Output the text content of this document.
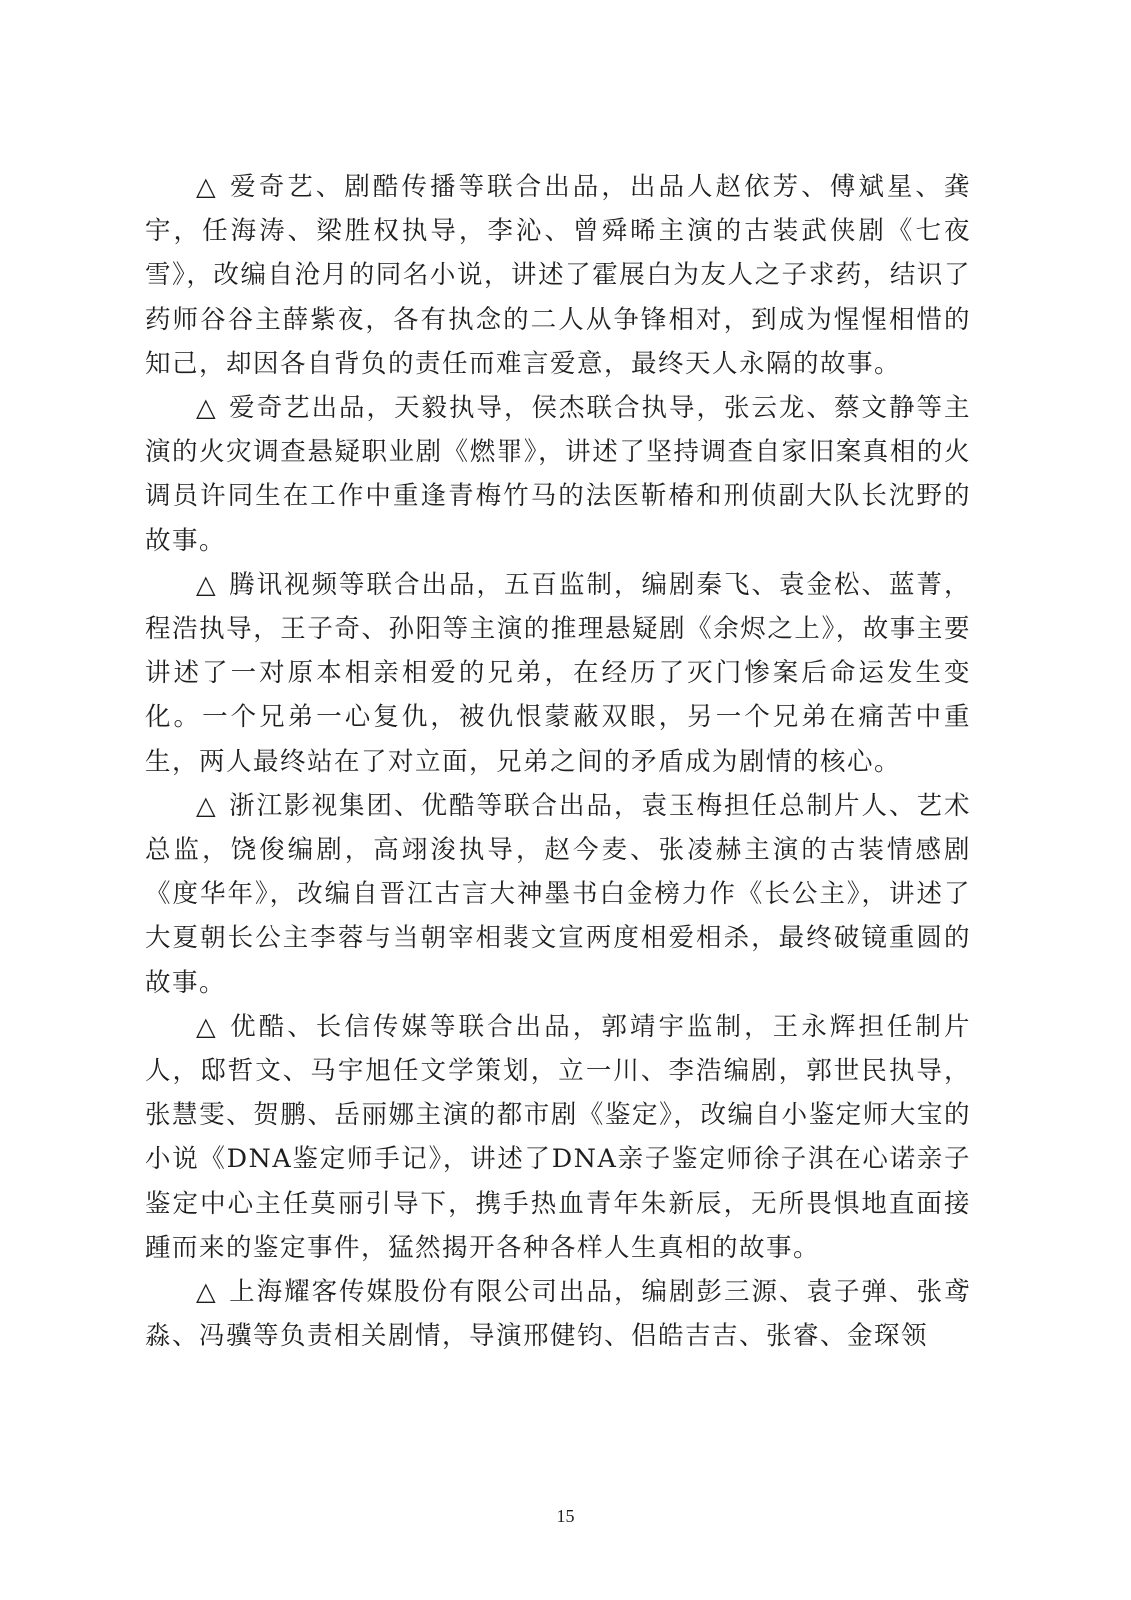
△ 爱奇艺、剧酷传播等联合出品，出品人赵依芳、傅斌星、龚宇，任海涛、梁胜权执导，李沁、曾舜晞主演的古装武侠剧《七夜雪》，改编自沧月的同名小说，讲述了霍展白为友人之子求药，结识了药师谷谷主薛紫夜，各有执念的二人从争锋相对，到成为惺惺相惜的知己，却因各自背负的责任而难言爱意，最终天人永隔的故事。

△ 爱奇艺出品，天毅执导，侯杰联合执导，张云龙、蔡文静等主演的火灾调查悬疑职业剧《燃罪》，讲述了坚持调查自家旧案真相的火调员许同生在工作中重逢青梅竹马的法医靳椿和刑侦副大队长沈野的故事。

△ 腾讯视频等联合出品，五百监制，编剧秦飞、袁金松、蓝菁，程浩执导，王子奇、孙阳等主演的推理悬疑剧《余烬之上》，故事主要讲述了一对原本相亲相爱的兄弟，在经历了灭门惨案后命运发生变化。一个兄弟一心复仇，被仇恨蒙蔽双眼，另一个兄弟在痛苦中重生，两人最终站在了对立面，兄弟之间的矛盾成为剧情的核心。

△ 浙江影视集团、优酷等联合出品，袁玉梅担任总制片人、艺术总监，饶俊编剧，高翊浚执导，赵今麦、张凌赫主演的古装情感剧《度华年》，改编自晋江古言大神墨书白金榜力作《长公主》，讲述了大夏朝长公主李蓉与当朝宰相裴文宣两度相爱相杀，最终破镜重圆的故事。

△ 优酷、长信传媒等联合出品，郭靖宇监制，王永辉担任制片人，邸哲文、马宇旭任文学策划，立一川、李浩编剧，郭世民执导，张慧雯、贺鹏、岳丽娜主演的都市剧《鉴定》，改编自小鉴定师大宝的小说《DNA鉴定师手记》，讲述了DNA亲子鉴定师徐子淇在心诺亲子鉴定中心主任莫丽引导下，携手热血青年朱新辰，无所畏惧地直面接踵而来的鉴定事件，猛然揭开各种各样人生真相的故事。

△ 上海耀客传媒股份有限公司出品，编剧彭三源、袁子弹、张鸢淼、冯骥等负责相关剧情，导演邢健钧、侣皓吉吉、张睿、金琛领

15
